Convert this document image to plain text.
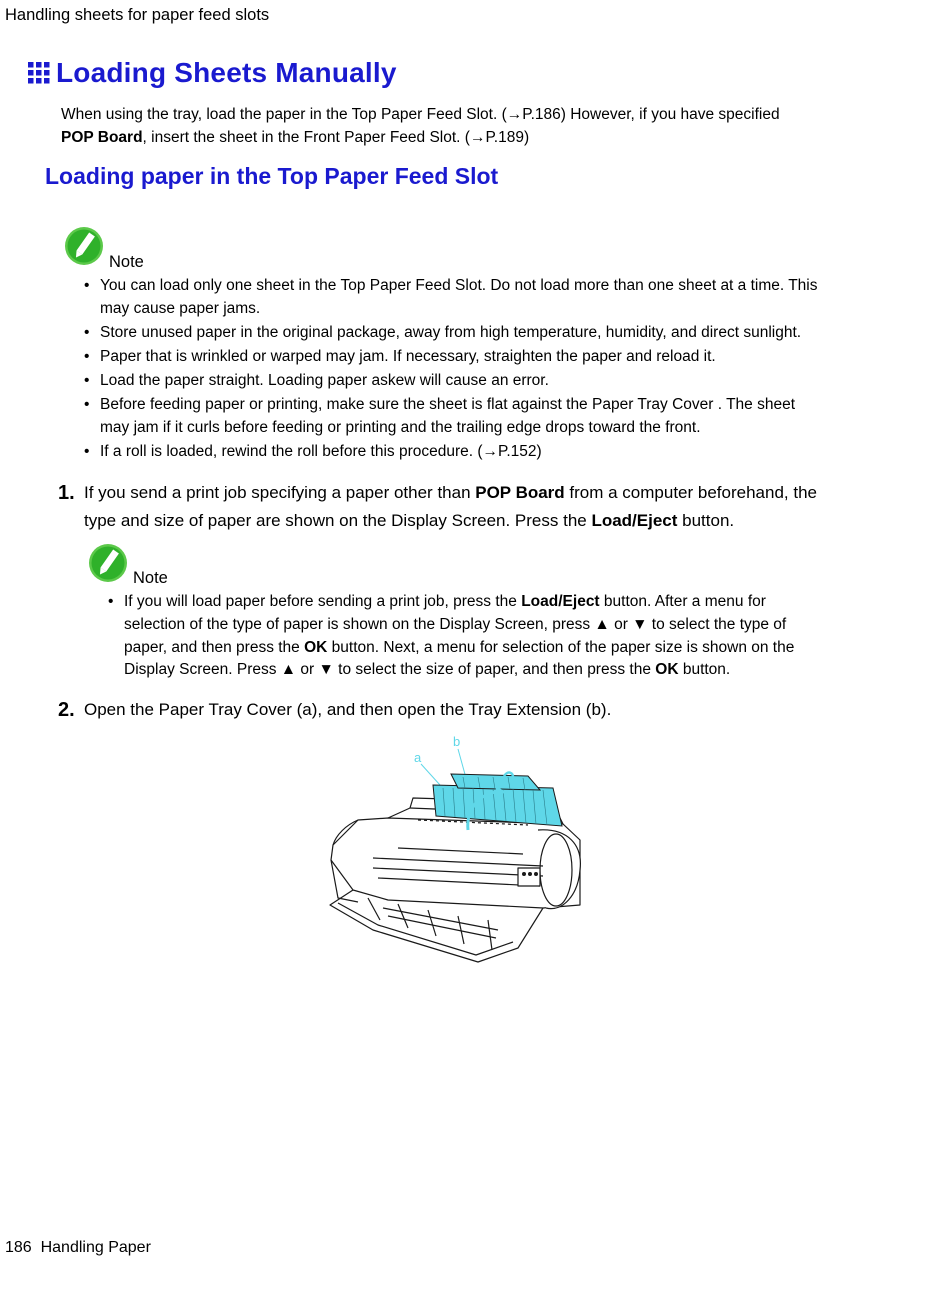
Handling sheets for paper feed slots
Loading Sheets Manually
When using the tray, load the paper in the Top Paper Feed Slot. (→P.186) However, if you have specified
POP Board, insert the sheet in the Front Paper Feed Slot. (→P.189)
Loading paper in the Top Paper Feed Slot
Note
• You can load only one sheet in the Top Paper Feed Slot. Do not load more than one sheet at a time. This may cause paper jams.
• Store unused paper in the original package, away from high temperature, humidity, and direct sunlight.
• Paper that is wrinkled or warped may jam. If necessary, straighten the paper and reload it.
• Load the paper straight. Loading paper askew will cause an error.
• Before feeding paper or printing, make sure the sheet is flat against the Paper Tray Cover . The sheet may jam if it curls before feeding or printing and the trailing edge drops toward the front.
• If a roll is loaded, rewind the roll before this procedure. (→P.152)
1. If you send a print job specifying a paper other than POP Board from a computer beforehand, the type and size of paper are shown on the Display Screen. Press the Load/Eject button.
Note
• If you will load paper before sending a print job, press the Load/Eject button. After a menu for selection of the type of paper is shown on the Display Screen, press ▲ or ▼ to select the type of paper, and then press the OK button. Next, a menu for selection of the paper size is shown on the Display Screen. Press ▲ or ▼ to select the size of paper, and then press the OK button.
2. Open the Paper Tray Cover (a), and then open the Tray Extension (b).
a
b
186 Handling Paper
